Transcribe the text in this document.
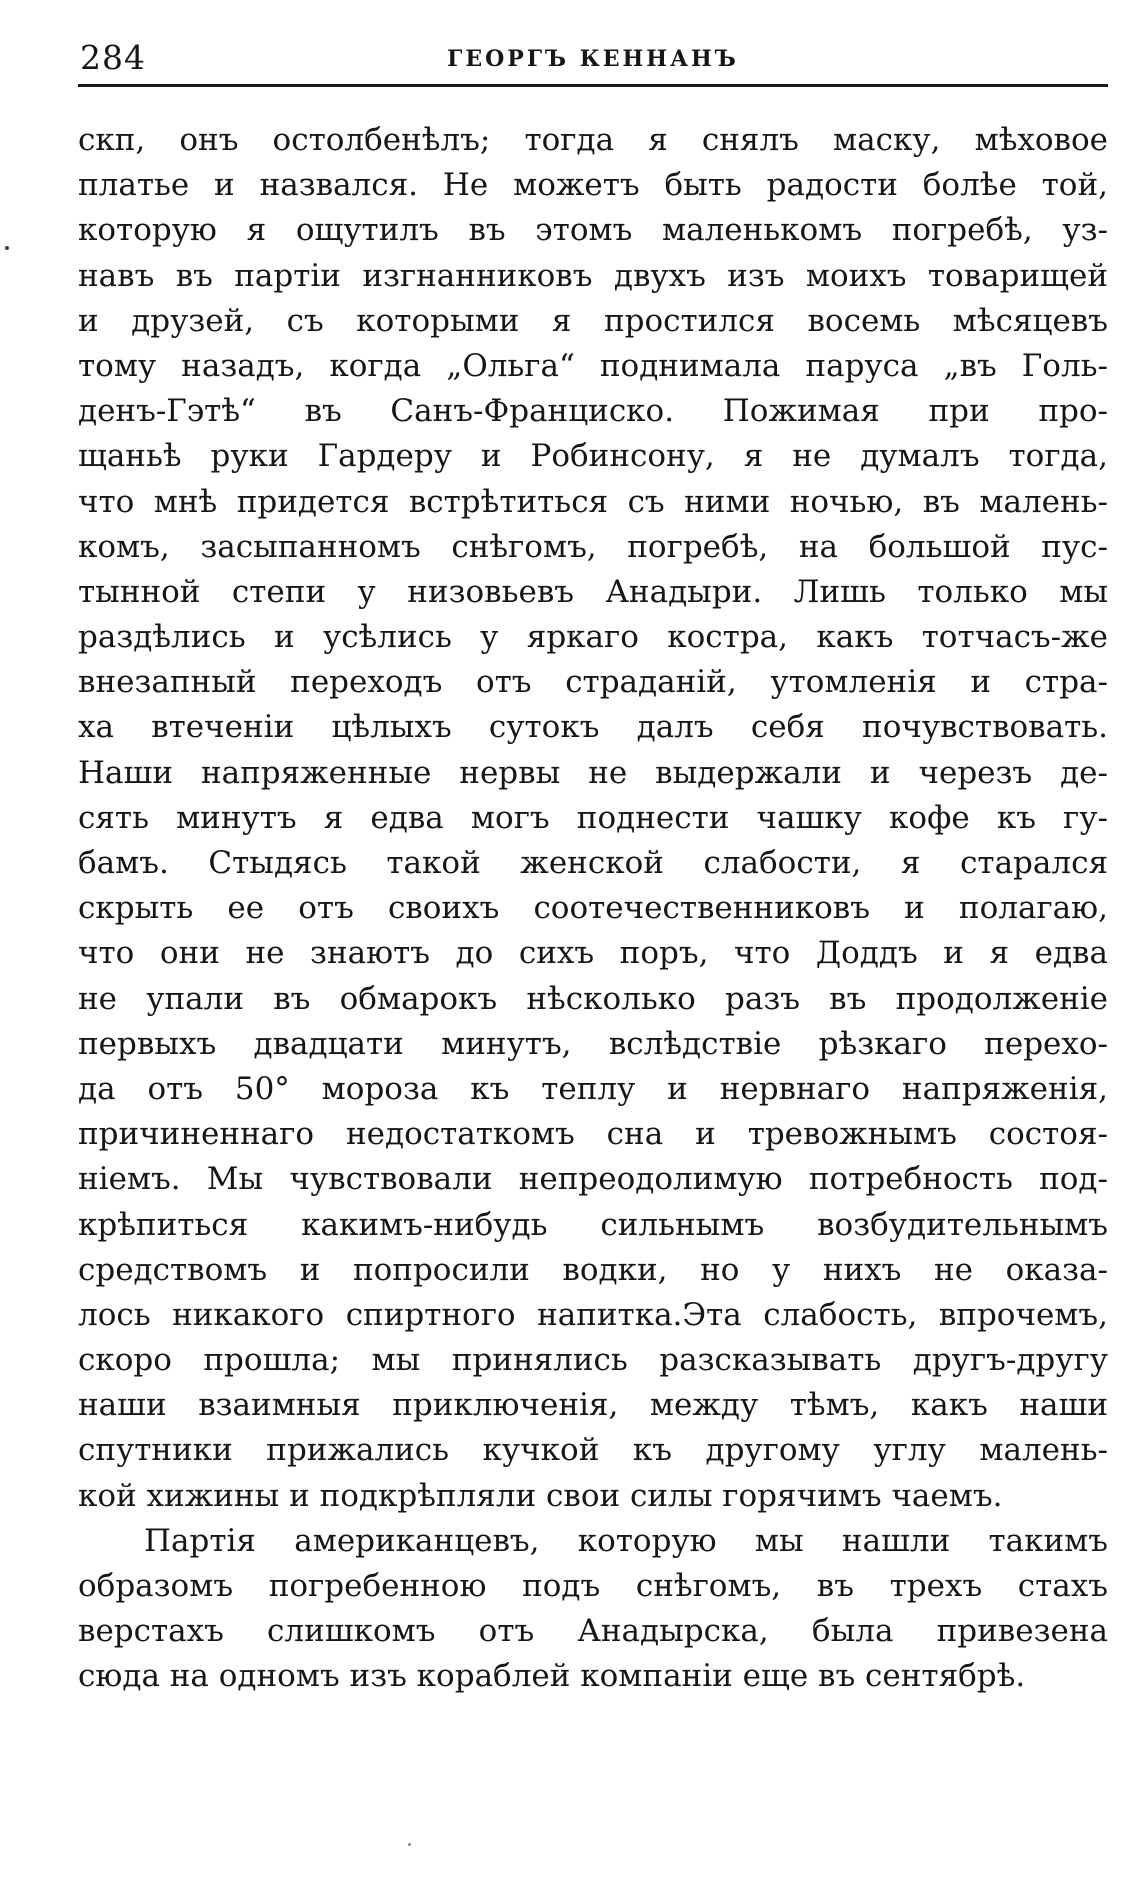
284	ГЕОРГЪ КЕННАНЪ
скп, онъ остолбенѣлъ; тогда я снялъ маску, мѣховое
платье и назвался. Не можетъ быть радости болѣе той,
которую я ощутилъ въ этомъ маленькомъ погребѣ, уз-
навъ въ партіи изгнанниковъ двухъ изъ моихъ товарищей
и друзей, съ которыми я простился восемь мѣсяцевъ
тому назадъ, когда „Ольга“ поднимала паруса „въ Голь-
денъ-Гэтѣ“ въ Санъ-Франциско. Пожимая при про-
щаньѣ руки Гардеру и Робинсону, я не думалъ тогда,
что мнѣ придется встрѣтиться съ ними ночью, въ малень-
комъ, засыпанномъ снѣгомъ, погребѣ, на большой пус-
тынной степи у низовьевъ Анадыри. Лишь только мы
раздѣлись и усѣлись у яркаго костра, какъ тотчасъ-же
внезапный переходъ отъ страданій, утомленія и стра-
ха втеченіи цѣлыхъ сутокъ далъ себя почувствовать.
Наши напряженные нервы не выдержали и черезъ де-
сять минутъ я едва могъ поднести чашку кофе къ гу-
бамъ. Стыдясь такой женской слабости, я старался
скрыть ее отъ своихъ соотечественниковъ и полагаю,
что они не знаютъ до сихъ поръ, что Доддъ и я едва
не упали въ обмарокъ нѣсколько разъ въ продолженіе
первыхъ двадцати минутъ, вслѣдствіе рѣзкаго перехо-
да отъ 50° мороза къ теплу и нервнаго напряженія,
причиненнаго недостаткомъ сна и тревожнымъ состоя-
ніемъ. Мы чувствовали непреодолимую потребность под-
крѣпиться какимъ-нибудь сильнымъ возбудительнымъ
средствомъ и попросили водки, но у нихъ не оказа-
лось никакого спиртного напитка.Эта слабость, впрочемъ,
скоро прошла; мы принялись разсказывать другъ-другу
наши взаимныя приключенія, между тѣмъ, какъ наши
спутники прижались кучкой къ другому углу малень-
кой хижины и подкрѣпляли свои силы горячимъ чаемъ.
Партія американцевъ, которую мы нашли такимъ
образомъ погребенною подъ снѣгомъ, въ трехъ стахъ
верстахъ слишкомъ отъ Анадырска, была привезена
сюда на одномъ изъ кораблей компаніи еще въ сентябрѣ.
